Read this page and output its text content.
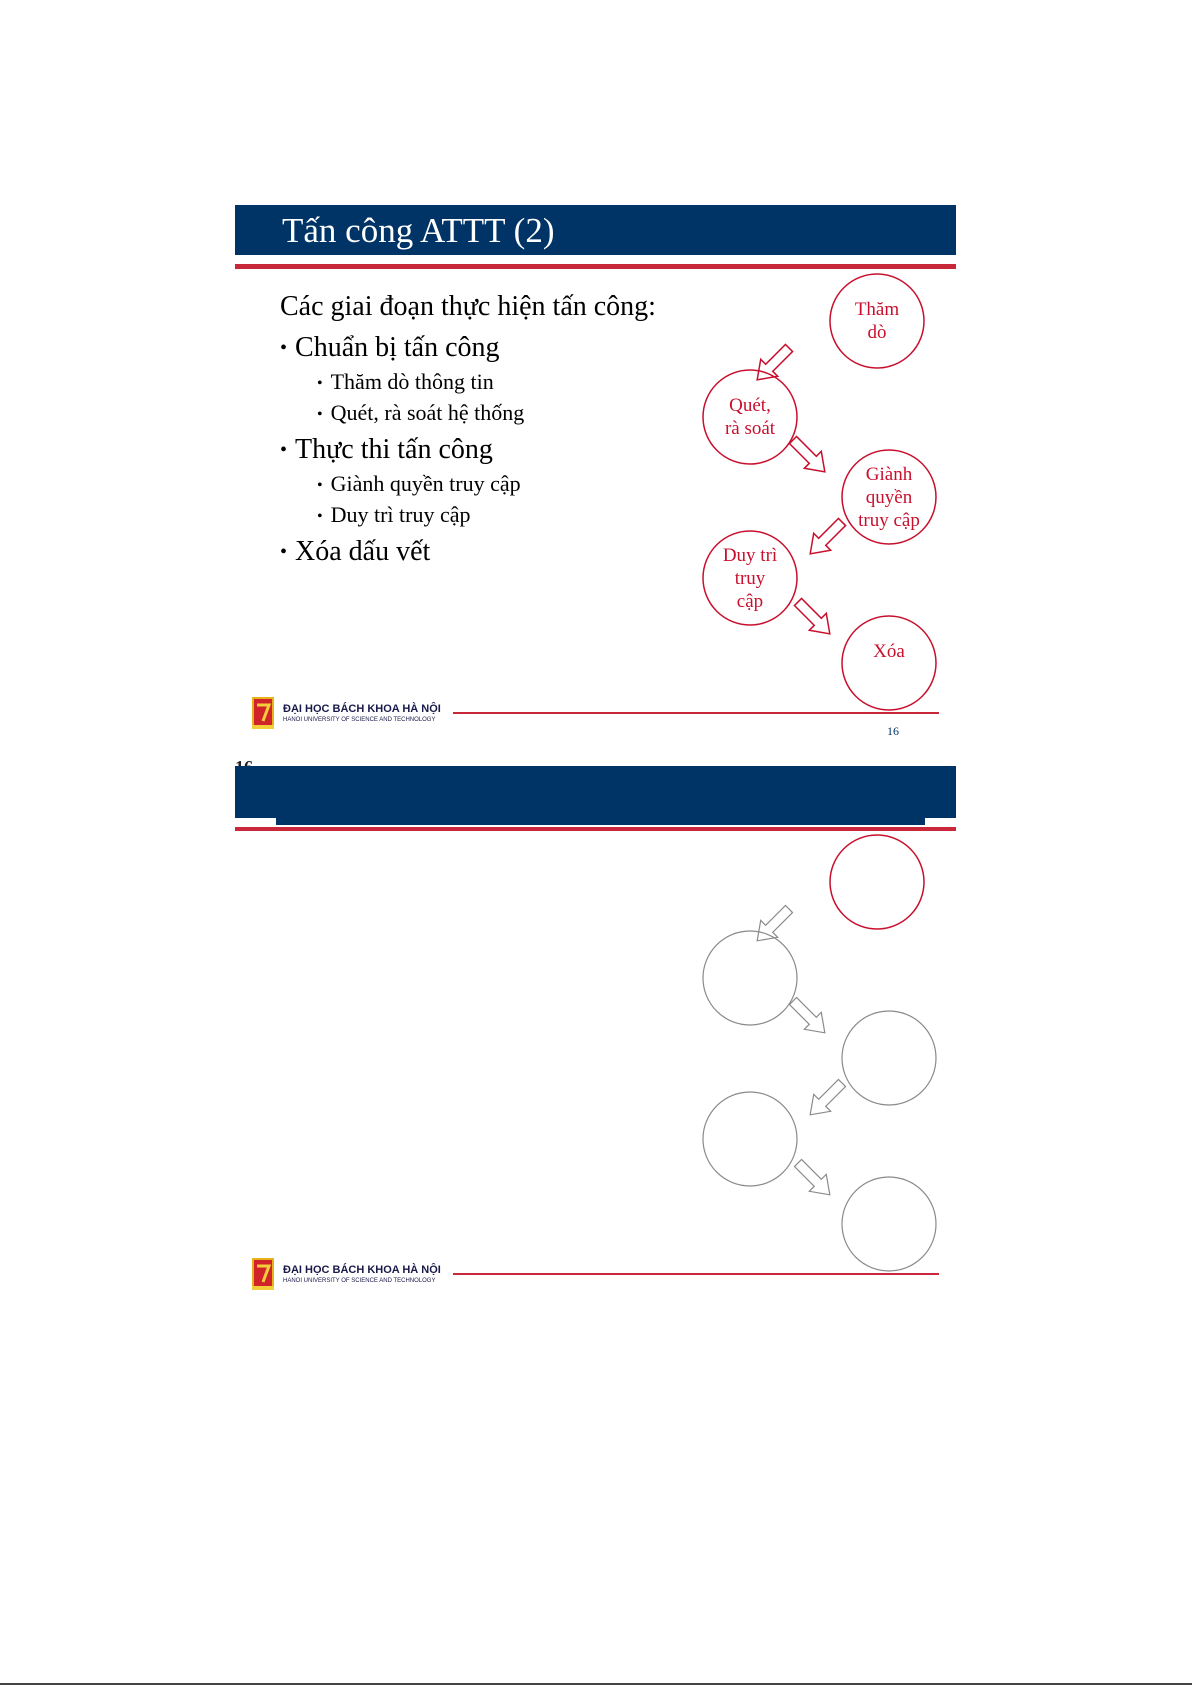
Tấn công ATTT (2)
Các giai đoạn thực hiện tấn công:
• Chuẩn bị tấn công
• Thăm dò thông tin
• Quét, rà soát hệ thống
• Thực thi tấn công
• Giành quyền truy cập
• Duy trì truy cập
• Xóa dấu vết
Thăm
dò
Quét,
rà soát
Giành
quyền
truy cập
Duy trì
truy
cập
Xóa
ĐẠI HỌC BÁCH KHOA HÀ NỘI
HANOI UNIVERSITY OF SCIENCE AND TECHNOLOGY
16
ĐẠI HỌC BÁCH KHOA HÀ NỘI
HANOI UNIVERSITY OF SCIENCE AND TECHNOLOGY
